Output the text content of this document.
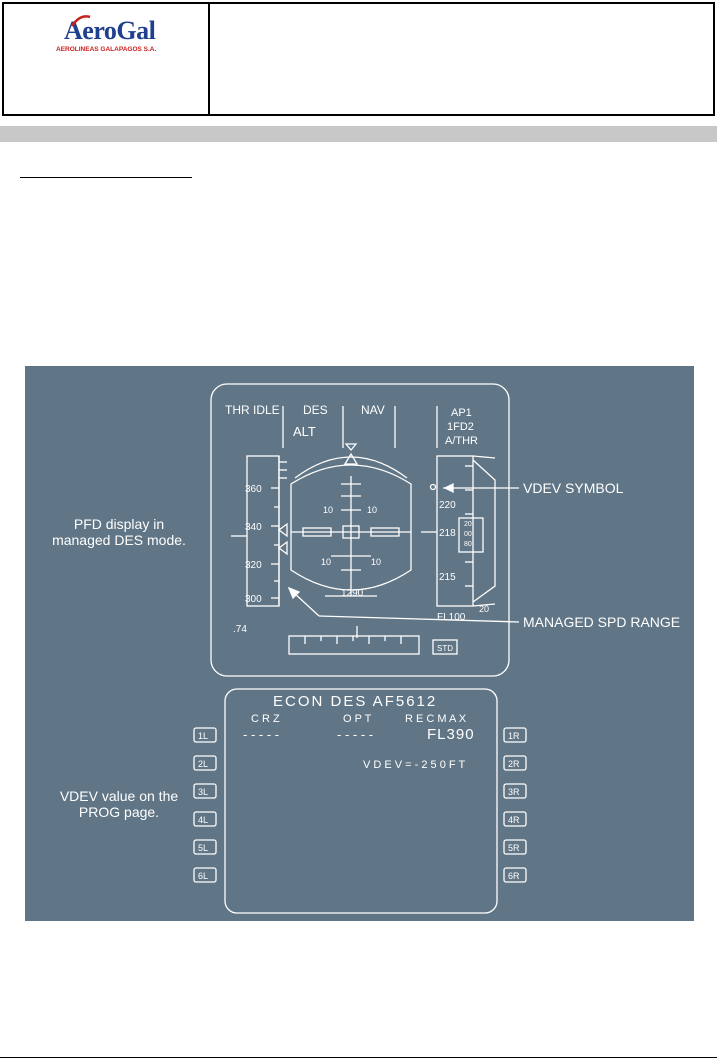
AeroGal
AEROLINEAS GALAPAGOS S.A.
THR IDLE DES
ALT
NAV	AP1
1FD2
A/THR
360
340
320
300
.74
10	10
10	10
1290
220
218
215
20
00
80
20
FL100
STD
VDEV SYMBOL
MANAGED SPD RANGE
ECON DES AF5612
C R Z	O P T	R E C M A X
- - - - -	- - - - -	FL390
V D E V = - 2 5 0 F T
1L
2L
3L
4L
5L
6L
1R
2R
3R
4R
5R
6R
PFD display in
managed DES mode.
VDEV value on the
PROG page.
